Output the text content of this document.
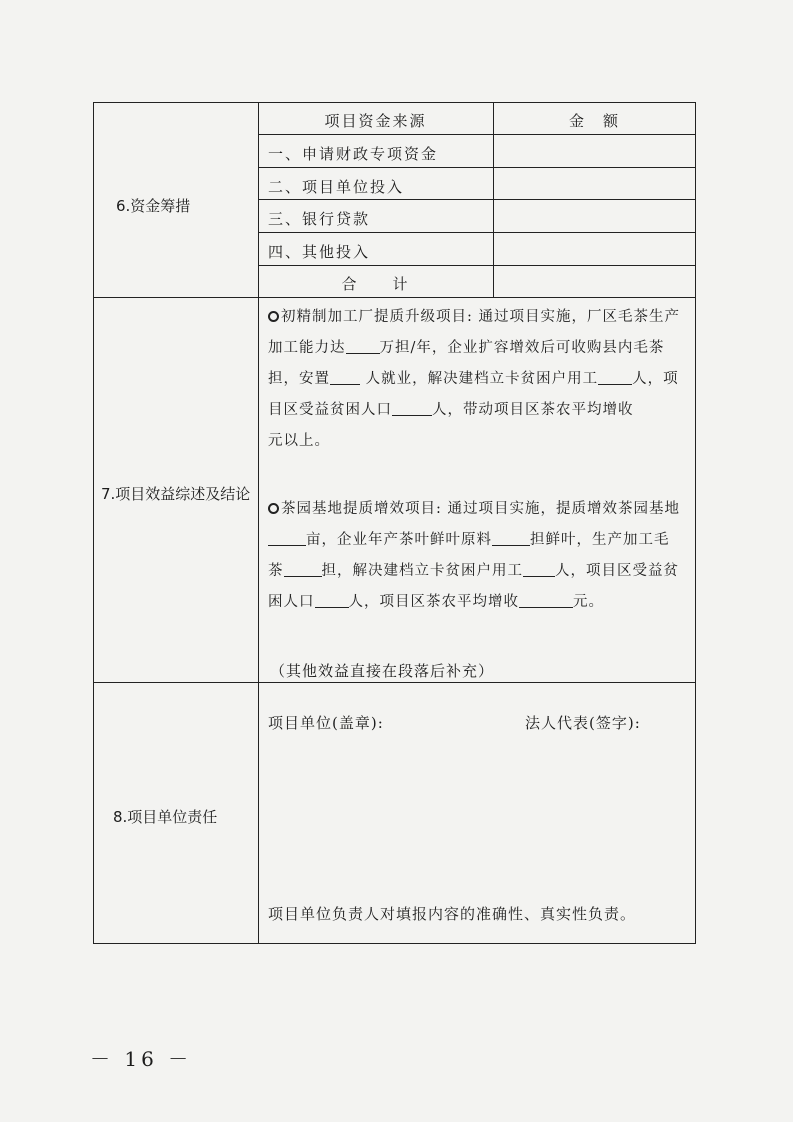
6.资金筹措
项目资金来源	金　额
一、申请财政专项资金
二、项目单位投入
三、银行贷款
四、其他投入
合　　计
7.项目效益综述及结论
初精制加工厂提质升级项目: 通过项目实施，厂区毛茶生产
加工能力达 万担/年，企业扩容增效后可收购县内毛茶
担，安置 人就业，解决建档立卡贫困户用工 人，项
目区受益贫困人口	人，带动项目区茶农平均增收
元以上。
茶园基地提质增效项目: 通过项目实施，提质增效茶园基地
亩，企业年产茶叶鲜叶原料	担鲜叶，生产加工毛
茶	担，解决建档立卡贫困户用工 人，项目区受益贫
困人口 人，项目区茶农平均增收	元。
（其他效益直接在段落后补充）
8.项目单位责任
项目单位(盖章):	法人代表(签字):
项目单位负责人对填报内容的准确性、真实性负责。
－ 16 －
